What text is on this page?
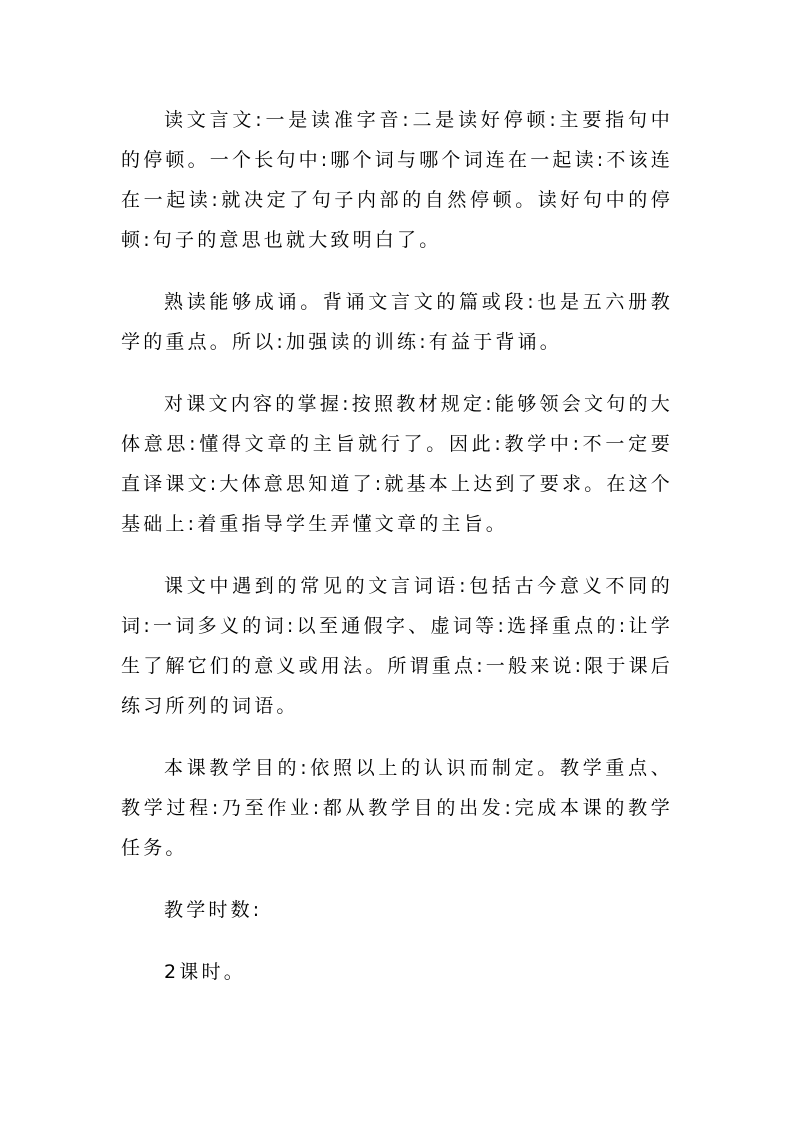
读文言文:一是读准字音:二是读好停顿:主要指句中的停顿。一个长句中:哪个词与哪个词连在一起读:不该连在一起读:就决定了句子内部的自然停顿。读好句中的停顿:句子的意思也就大致明白了。

熟读能够成诵。背诵文言文的篇或段:也是五六册教学的重点。所以:加强读的训练:有益于背诵。

对课文内容的掌握:按照教材规定:能够领会文句的大体意思:懂得文章的主旨就行了。因此:教学中:不一定要直译课文:大体意思知道了:就基本上达到了要求。在这个基础上:着重指导学生弄懂文章的主旨。

课文中遇到的常见的文言词语:包括古今意义不同的词:一词多义的词:以至通假字、虚词等:选择重点的:让学生了解它们的意义或用法。所谓重点:一般来说:限于课后练习所列的词语。

本课教学目的:依照以上的认识而制定。教学重点、教学过程:乃至作业:都从教学目的出发:完成本课的教学任务。

教学时数:

2课时。
